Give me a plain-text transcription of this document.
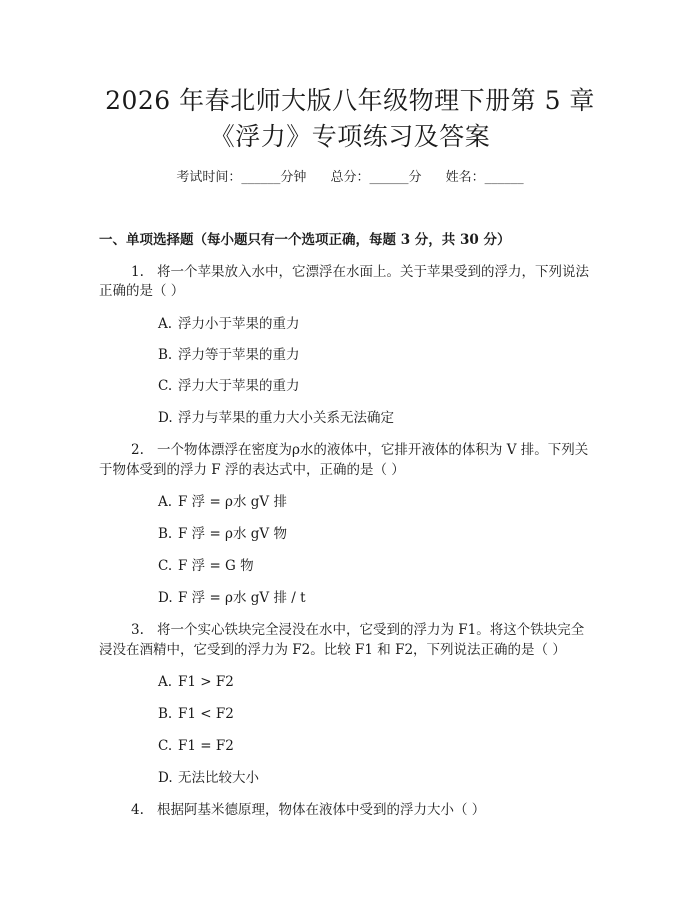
2026 年春北师大版八年级物理下册第 5 章
《浮力》专项练习及答案
考试时间：______分钟 总分：______分 姓名：______
一、单项选择题（每小题只有一个选项正确，每题 3 分，共 30 分）
1. 将一个苹果放入水中，它漂浮在水面上。关于苹果受到的浮力，下列说法
正确的是（ ）
A. 浮力小于苹果的重力
B. 浮力等于苹果的重力
C. 浮力大于苹果的重力
D. 浮力与苹果的重力大小关系无法确定
2. 一个物体漂浮在密度为ρ水的液体中，它排开液体的体积为 V 排。下列关
于物体受到的浮力 F 浮的表达式中，正确的是（ ）
A. F 浮 = ρ水 gV 排
B. F 浮 = ρ水 gV 物
C. F 浮 = G 物
D. F 浮 = ρ水 gV 排 / t
3. 将一个实心铁块完全浸没在水中，它受到的浮力为 F1。将这个铁块完全
浸没在酒精中，它受到的浮力为 F2。比较 F1 和 F2，下列说法正确的是（ ）
A. F1 > F2
B. F1 < F2
C. F1 = F2
D. 无法比较大小
4. 根据阿基米德原理，物体在液体中受到的浮力大小（ ）
